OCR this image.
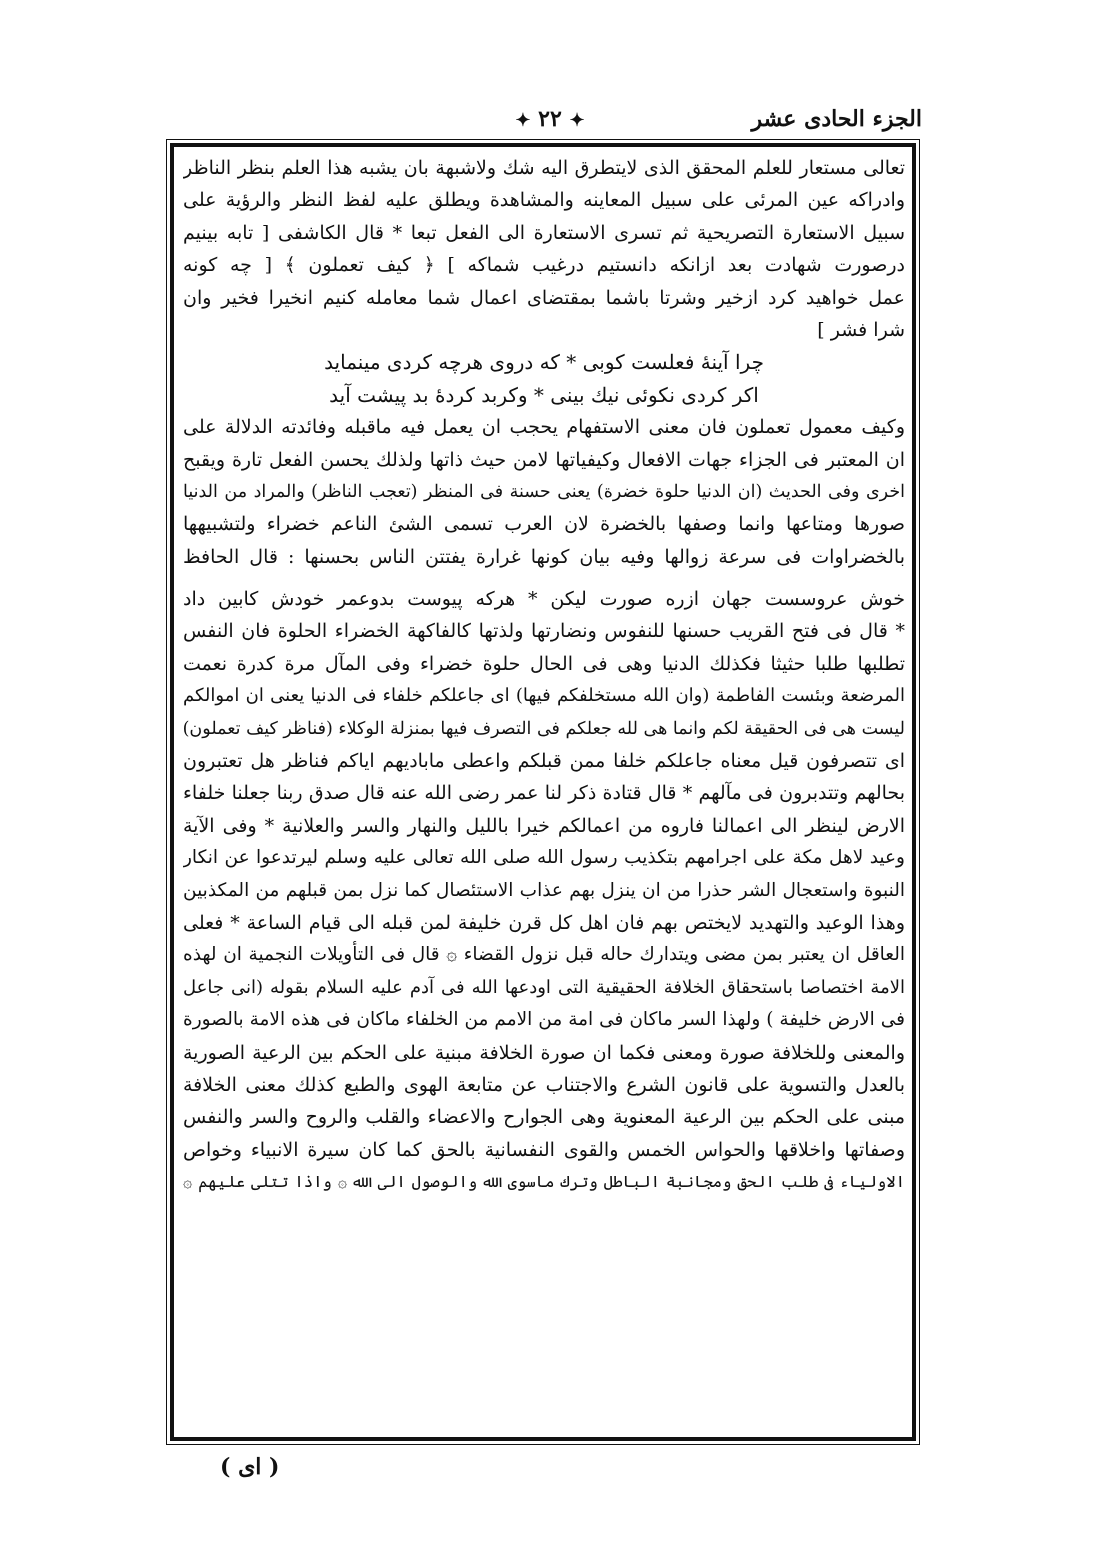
الجزء الحادى عشر
✦ ٢٢ ✦
تعالى مستعار للعلم المحقق الذى لايتطرق اليه شك ولاشبهة بان يشبه هذا العلم بنظر الناظر
وادراكه عين المرئى على سبيل المعاينه والمشاهدة ويطلق عليه لفظ النظر والرؤية على
سبيل الاستعارة التصريحية ثم تسرى الاستعارة الى الفعل تبعا * قال الكاشفى [ تابه بينيم
درصورت شهادت بعد ازانكه دانستيم درغيب شماكه ] ﴿ كيف تعملون ﴾ [ چه كونه
عمل خواهيد كرد ازخير وشرتا باشما بمقتضاى اعمال شما معامله كنيم انخيرا فخير وان
شرا فشر ]
چرا آينهٔ فعلست كوبى * كه دروى هرچه كردى مينمايد
اكر كردى نكوئى نيك بينى * وكربد كردهٔ بد پيشت آيد
وكيف معمول تعملون فان معنى الاستفهام يحجب ان يعمل فيه ماقبله وفائدته الدلالة على
ان المعتبر فى الجزاء جهات الافعال وكيفياتها لامن حيث ذاتها ولذلك يحسن الفعل تارة ويقبح
اخرى وفى الحديث (ان الدنيا حلوة خضرة) يعنى حسنة فى المنظر (تعجب الناظر) والمراد من الدنيا
صورها ومتاعها وانما وصفها بالخضرة لان العرب تسمى الشئ الناعم خضراء ولتشبيهها
بالخضراوات فى سرعة زوالها وفيه بيان كونها غرارة يفتتن الناس بحسنها : قال الحافظ
خوش عروسست جهان ازره صورت ليكن * هركه پيوست بدوعمر خودش كابين داد
* قال فى فتح القريب حسنها للنفوس ونضارتها ولذتها كالفاكهة الخضراء الحلوة فان النفس
تطلبها طلبا حثيثا فكذلك الدنيا وهى فى الحال حلوة خضراء وفى المآل مرة كدرة نعمت
المرضعة وبئست الفاطمة (وان الله مستخلفكم فيها) اى جاعلكم خلفاء فى الدنيا يعنى ان اموالكم
ليست هى فى الحقيقة لكم وانما هى لله جعلكم فى التصرف فيها بمنزلة الوكلاء (فناظر كيف تعملون)
اى تتصرفون قيل معناه جاعلكم خلفا ممن قبلكم واعطى ماباديهم اياكم فناظر هل تعتبرون
بحالهم وتتدبرون فى مآلهم * قال قتادة ذكر لنا عمر رضى الله عنه قال صدق ربنا جعلنا خلفاء
الارض لينظر الى اعمالنا فاروه من اعمالكم خيرا بالليل والنهار والسر والعلانية * وفى الآية
وعيد لاهل مكة على اجرامهم بتكذيب رسول الله صلى الله تعالى عليه وسلم ليرتدعوا عن انكار
النبوة واستعجال الشر حذرا من ان ينزل بهم عذاب الاستئصال كما نزل بمن قبلهم من المكذبين
وهذا الوعيد والتهديد لايختص بهم فان اهل كل قرن خليفة لمن قبله الى قيام الساعة * فعلى
العاقل ان يعتبر بمن مضى ويتدارك حاله قبل نزول القضاء ۞ قال فى التأويلات النجمية ان لهذه
الامة اختصاصا باستحقاق الخلافة الحقيقية التى اودعها الله فى آدم عليه السلام بقوله (انى جاعل
فى الارض خليفة ) ولهذا السر ماكان فى امة من الامم من الخلفاء ماكان فى هذه الامة بالصورة
والمعنى وللخلافة صورة ومعنى فكما ان صورة الخلافة مبنية على الحكم بين الرعية الصورية
بالعدل والتسوية على قانون الشرع والاجتناب عن متابعة الهوى والطبع كذلك معنى الخلافة
مبنى على الحكم بين الرعية المعنوية وهى الجوارح والاعضاء والقلب والروح والسر والنفس
وصفاتها واخلاقها والحواس الخمس والقوى النفسانية بالحق كما كان سيرة الانبياء وخواص
الاولياء فى طلب الحق ومجانبة الباطل وترك ماسوى الله والوصول الى الله ۞ واذا تتلى عليهم ۞
( اى )
